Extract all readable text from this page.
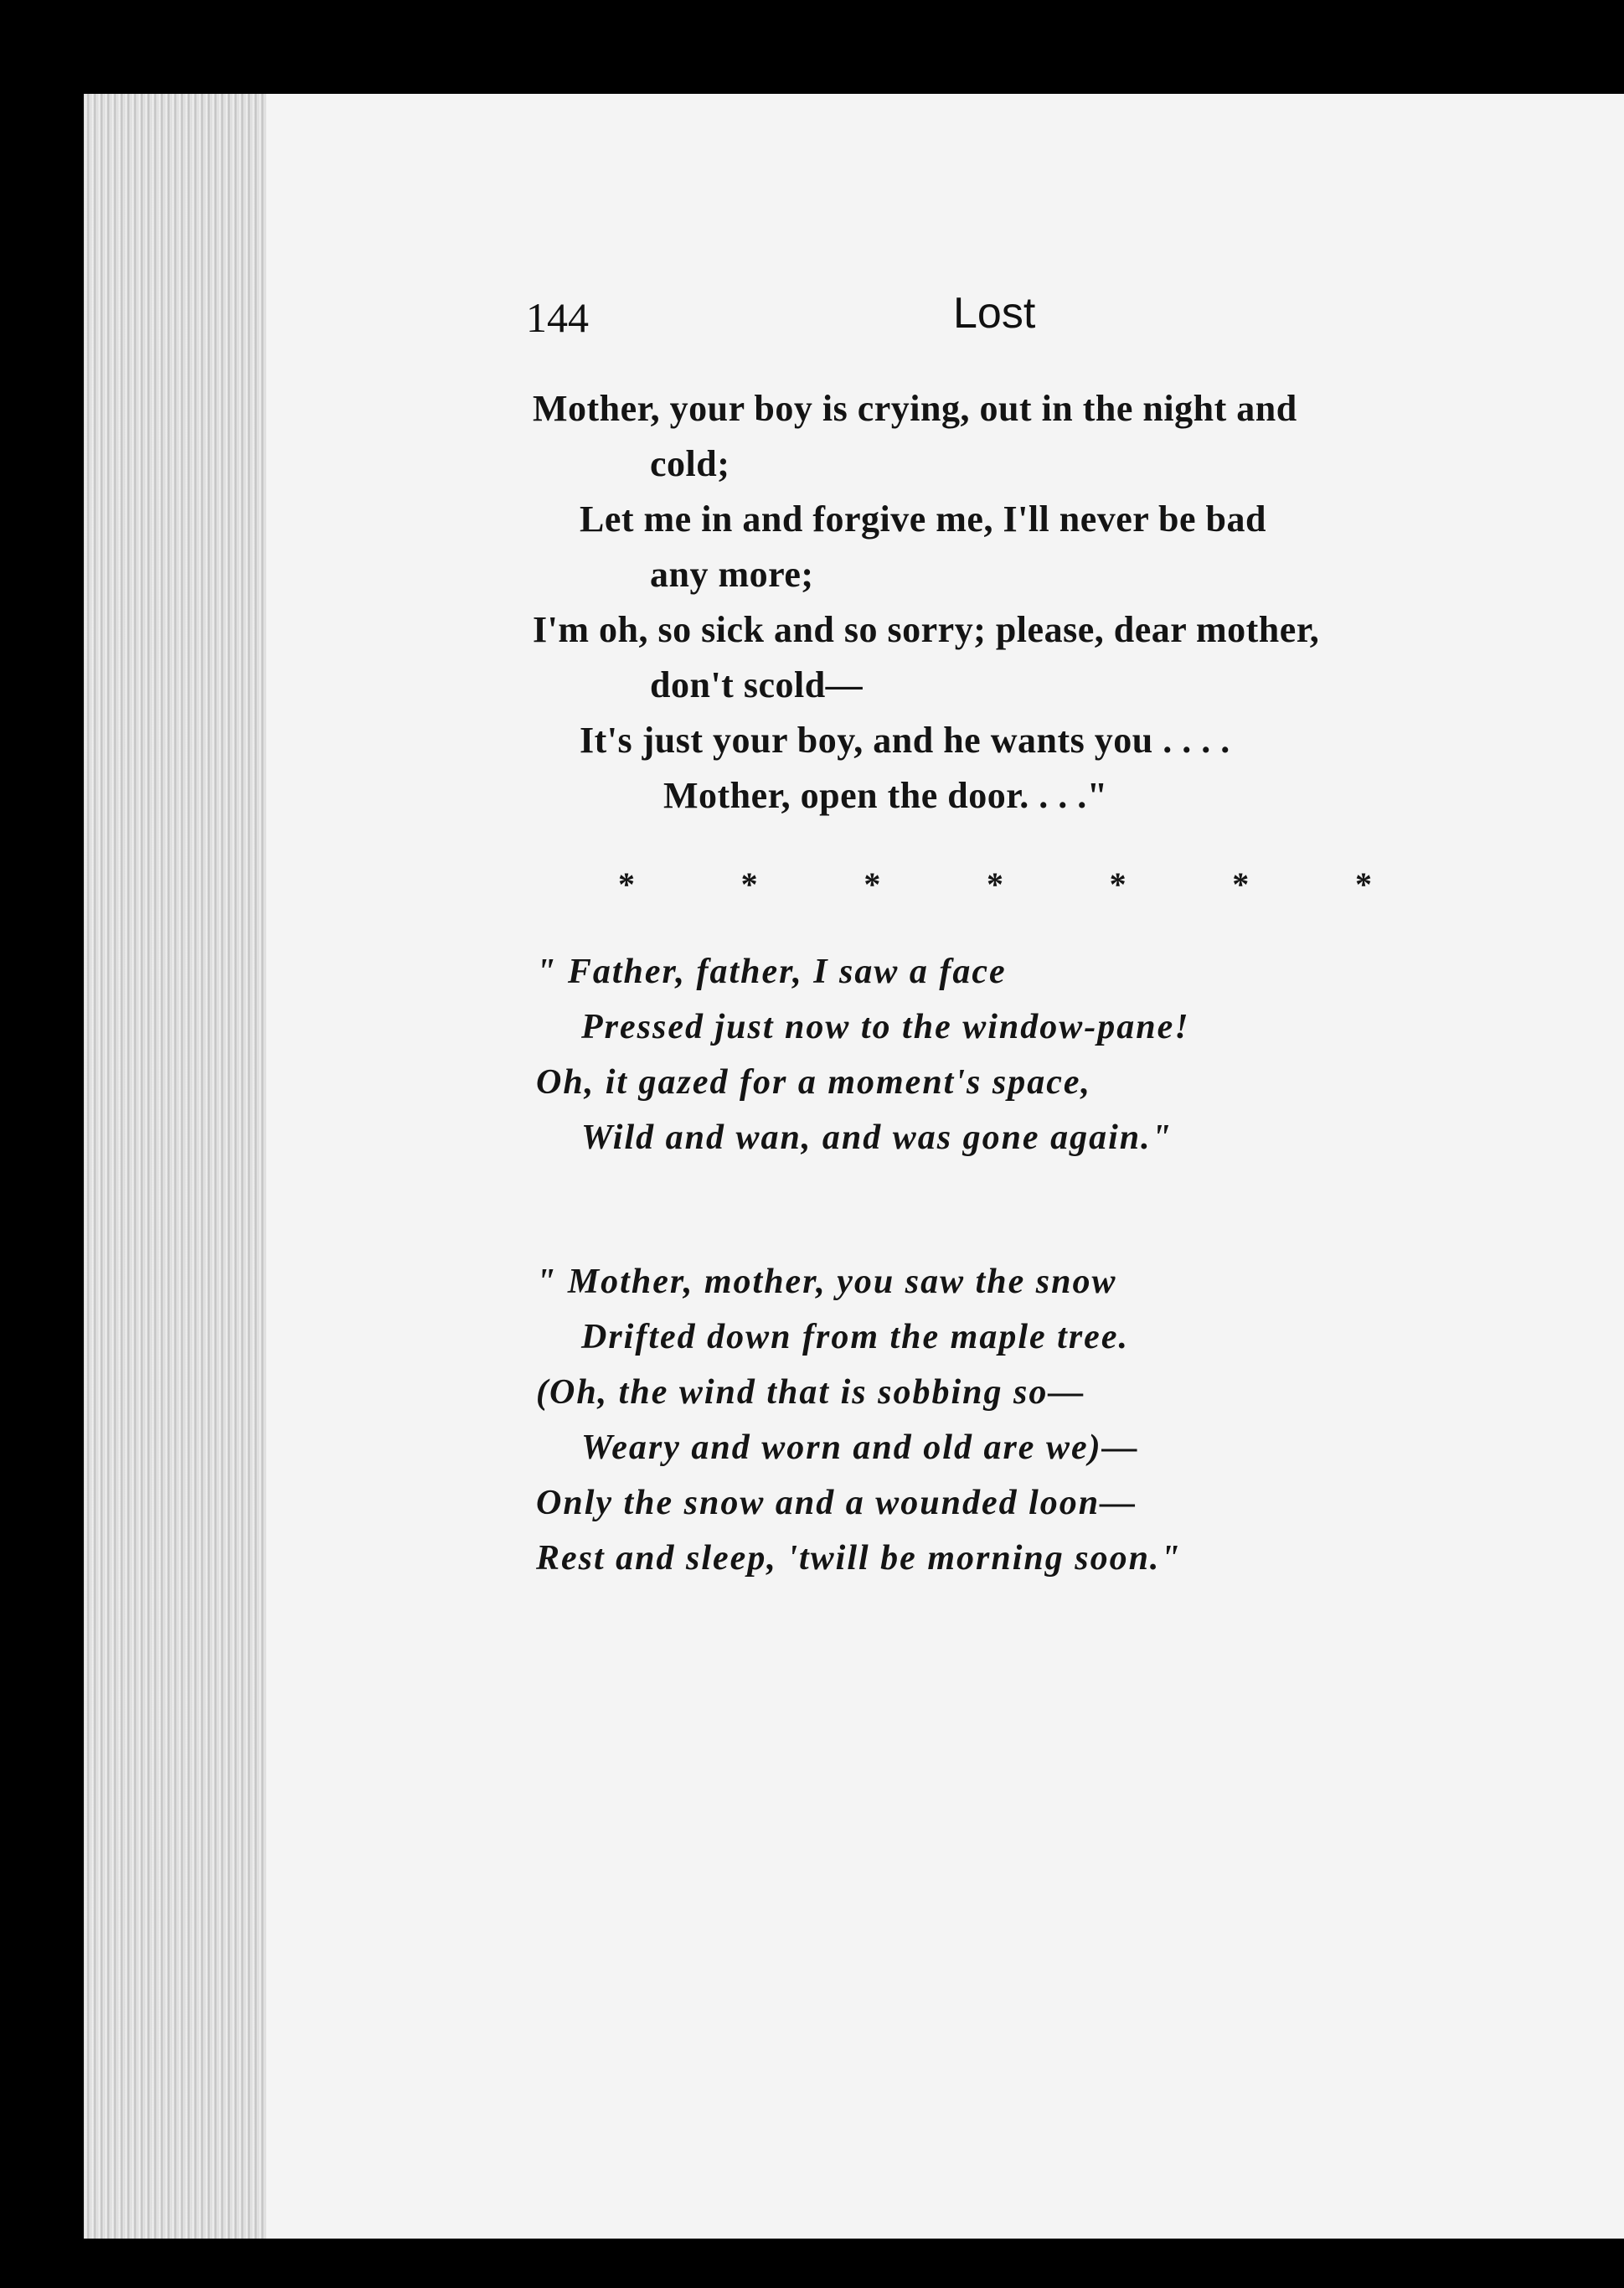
144	Lost
Mother, your boy is crying, out in the night and
cold;
Let me in and forgive me, I'll never be bad
any more;
I'm oh, so sick and so sorry; please, dear mother,
don't scold—
It's just your boy, and he wants you . . . .
Mother, open the door. . . ."
*	*	*	*	*	*	*
" Father, father, I saw a face
Pressed just now to the window-pane!
Oh, it gazed for a moment's space,
Wild and wan, and was gone again."
" Mother, mother, you saw the snow
Drifted down from the maple tree.
(Oh, the wind that is sobbing so—
Weary and worn and old are we)—
Only the snow and a wounded loon—
Rest and sleep, 'twill be morning soon."
